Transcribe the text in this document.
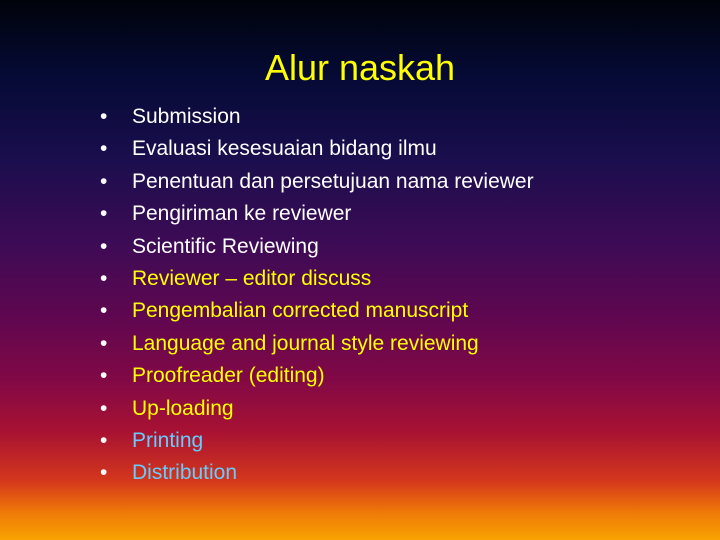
Alur naskah
•	Submission
•	Evaluasi kesesuaian bidang ilmu
•	Penentuan dan persetujuan nama reviewer
•	Pengiriman ke reviewer
•	Scientific Reviewing
•	Reviewer – editor discuss
•	Pengembalian corrected manuscript
•	Language and journal style reviewing
•	Proofreader (editing)
•	Up-loading
•	Printing
•	Distribution
